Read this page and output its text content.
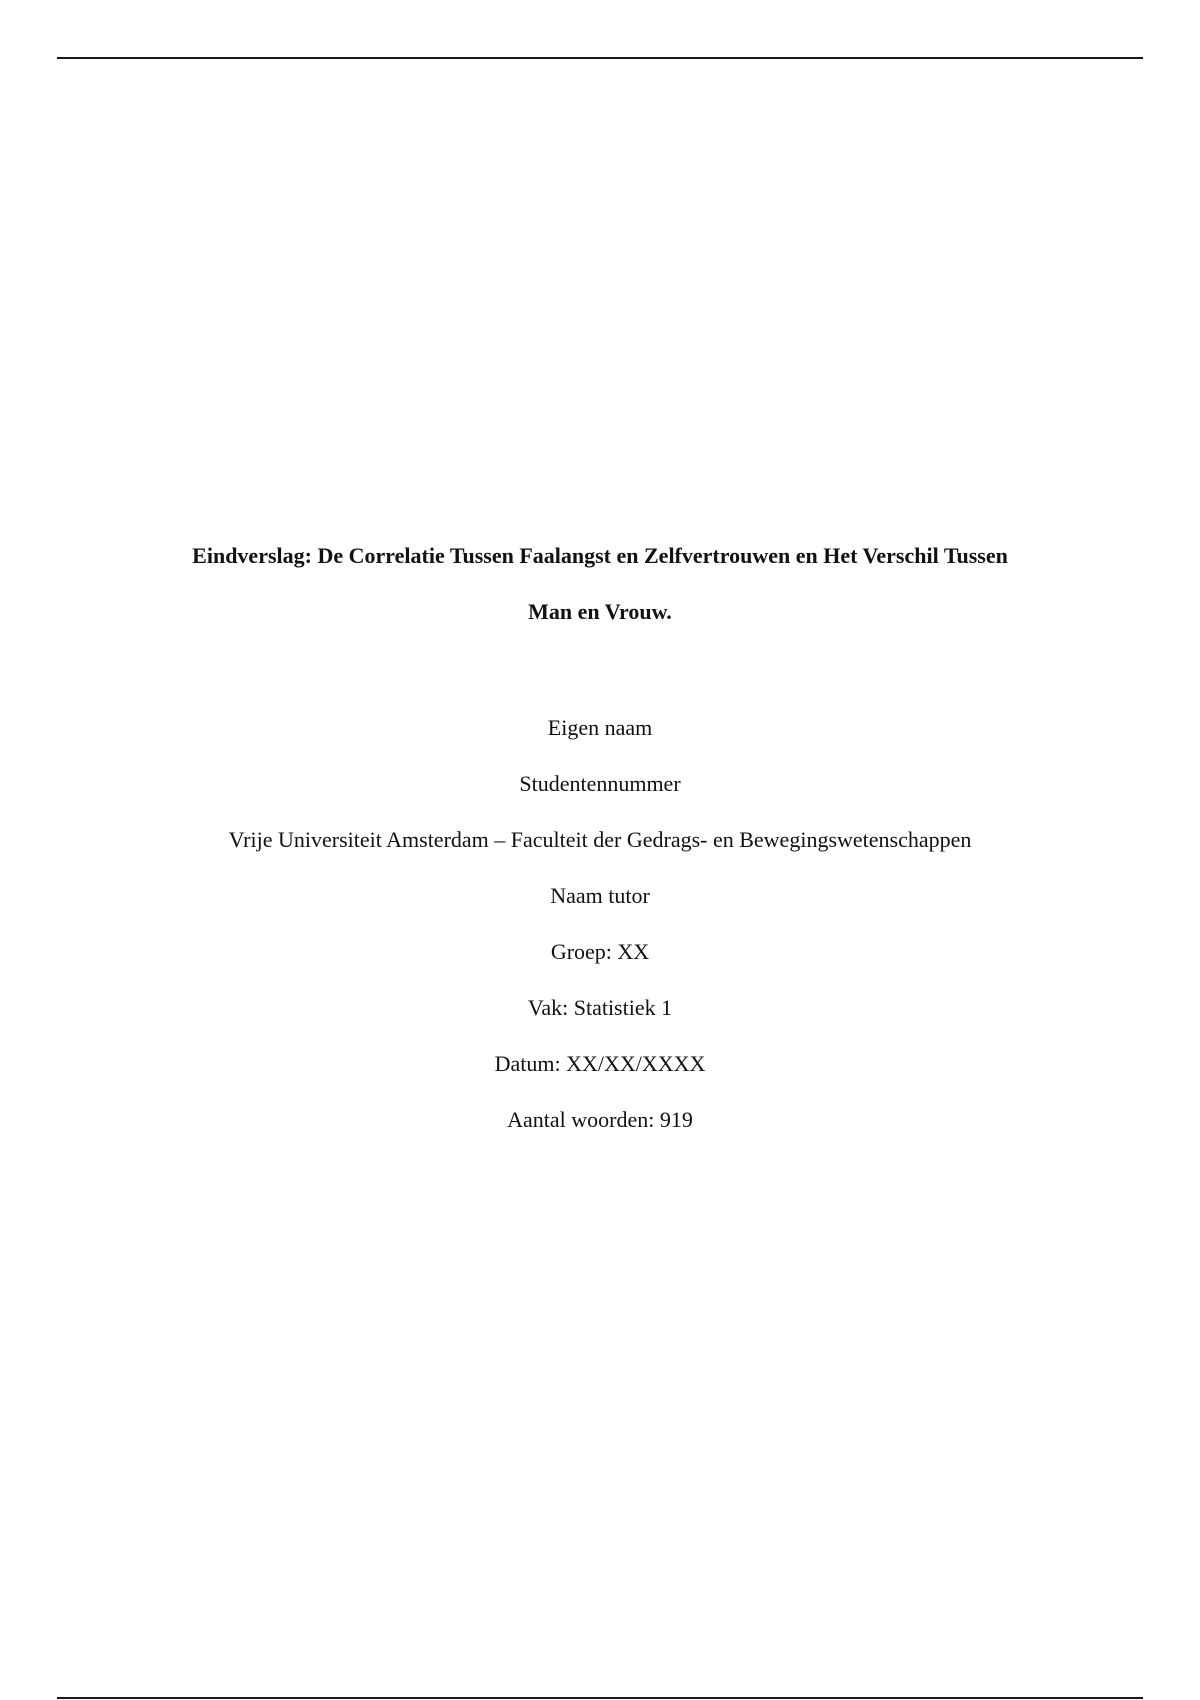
Eindverslag: De Correlatie Tussen Faalangst en Zelfvertrouwen en Het Verschil Tussen
Man en Vrouw.
Eigen naam
Studentennummer
Vrije Universiteit Amsterdam – Faculteit der Gedrags- en Bewegingswetenschappen
Naam tutor
Groep: XX
Vak: Statistiek 1
Datum: XX/XX/XXXX
Aantal woorden: 919
